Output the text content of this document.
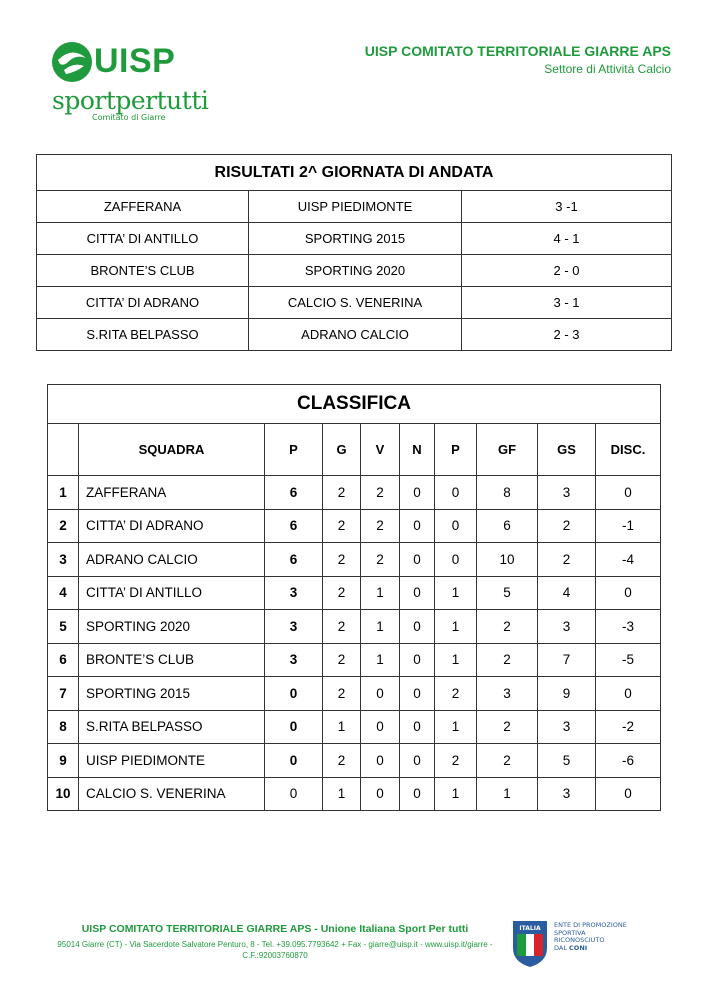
UISP
sportpertutti
Comitato di Giarre
UISP COMITATO TERRITORIALE GIARRE APS
Settore di Attività Calcio
RISULTATI 2^ GIORNATA DI ANDATA		
ZAFFERANA	UISP PIEDIMONTE	3 -1
CITTA’ DI ANTILLO	SPORTING 2015	4 - 1
BRONTE’S CLUB	SPORTING 2020	2 - 0
CITTA’ DI ADRANO	CALCIO S. VENERINA	3 - 1
S.RITA BELPASSO	ADRANO CALCIO	2 - 3
CLASSIFICA									
	SQUADRA	P	G	V	N	P	GF	GS	DISC.
1	ZAFFERANA	6	2	2	0	0	8	3	0
2	CITTA’ DI ADRANO	6	2	2	0	0	6	2	-1
3	ADRANO CALCIO	6	2	2	0	0	10	2	-4
4	CITTA’ DI ANTILLO	3	2	1	0	1	5	4	0
5	SPORTING 2020	3	2	1	0	1	2	3	-3
6	BRONTE’S CLUB	3	2	1	0	1	2	7	-5
7	SPORTING 2015	0	2	0	0	2	3	9	0
8	S.RITA BELPASSO	0	1	0	0	1	2	3	-2
9	UISP PIEDIMONTE	0	2	0	0	2	2	5	-6
10	CALCIO S. VENERINA	0	1	0	0	1	1	3	0
UISP COMITATO TERRITORIALE GIARRE APS - Unione Italiana Sport Per tutti
95014 Giarre (CT) - Via Sacerdote Salvatore Penturo, 8 - Tel. +39.095.7793642 + Fax - giarre@uisp.it - www.uisp.it/giarre - C.F.:92003760870
ITALIA ENTE DI PROMOZIONE
SPORTIVA
RICONOSCIUTO
DAL CONI
